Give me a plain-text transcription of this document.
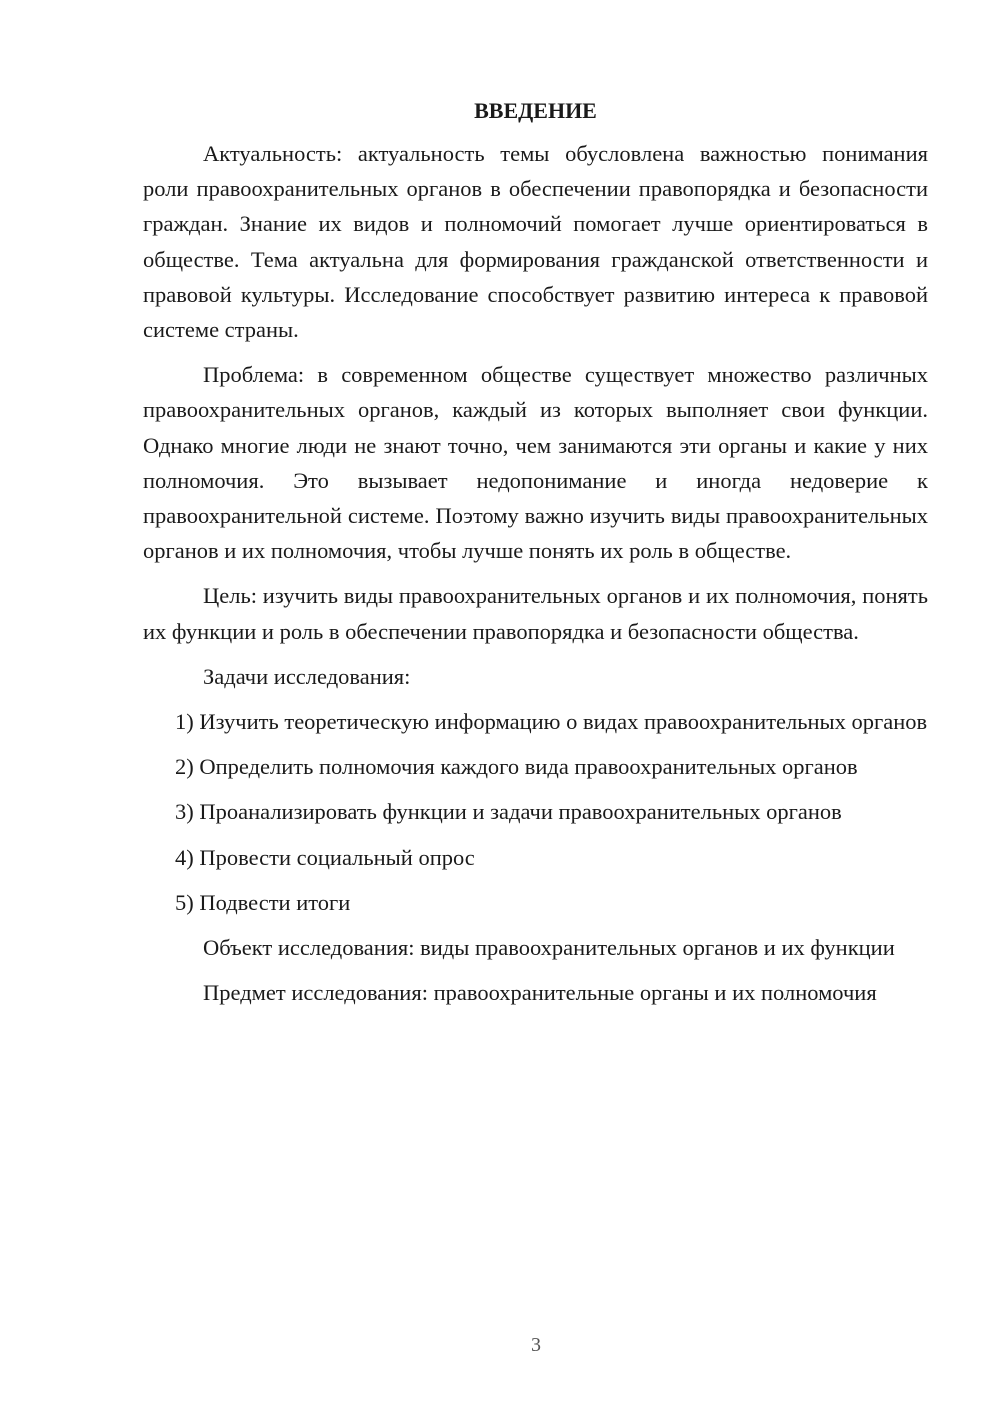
ВВЕДЕНИЕ

Актуальность: актуальность темы обусловлена важностью понимания роли правоохранительных органов в обеспечении правопорядка и безопасности граждан. Знание их видов и полномочий помогает лучше ориентироваться в обществе. Тема актуальна для формирования гражданской ответственности и правовой культуры. Исследование способствует развитию интереса к правовой системе страны.

Проблема: в современном обществе существует множество различных правоохранительных органов, каждый из которых выполняет свои функции. Однако многие люди не знают точно, чем занимаются эти органы и какие у них полномочия. Это вызывает недопонимание и иногда недоверие к правоохранительной системе. Поэтому важно изучить виды правоохранительных органов и их полномочия, чтобы лучше понять их роль в обществе.

Цель: изучить виды правоохранительных органов и их полномочия, понять их функции и роль в обеспечении правопорядка и безопасности общества.

Задачи исследования:

1) Изучить теоретическую информацию о видах правоохранительных органов

2) Определить полномочия каждого вида правоохранительных органов

3) Проанализировать функции и задачи правоохранительных органов

4) Провести социальный опрос

5) Подвести итоги

Объект исследования: виды правоохранительных органов и их функции

Предмет исследования: правоохранительные органы и их полномочия

3
